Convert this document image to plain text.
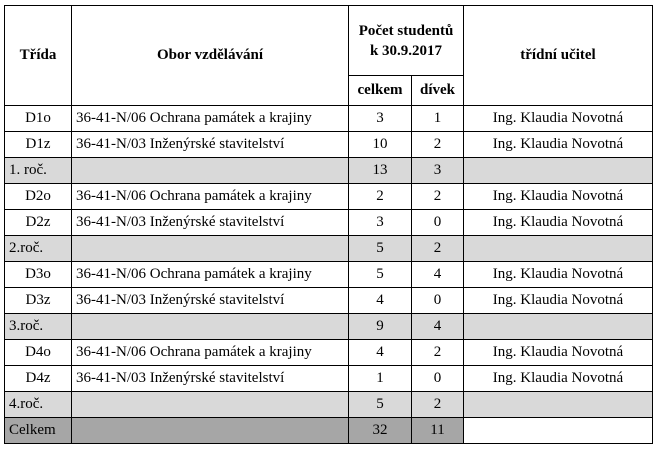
Třída	Obor vzdělávání	Počet studentů k 30.9.2017		třídní učitel
		celkem	dívek	
D1o	36-41-N/06 Ochrana památek a krajiny	3	1	Ing. Klaudia Novotná
D1z	36-41-N/03 Inženýrské stavitelství	10	2	Ing. Klaudia Novotná
1. roč.		13	3	
D2o	36-41-N/06 Ochrana památek a krajiny	2	2	Ing. Klaudia Novotná
D2z	36-41-N/03 Inženýrské stavitelství	3	0	Ing. Klaudia Novotná
2.roč.		5	2	
D3o	36-41-N/06 Ochrana památek a krajiny	5	4	Ing. Klaudia Novotná
D3z	36-41-N/03 Inženýrské stavitelství	4	0	Ing. Klaudia Novotná
3.roč.		9	4	
D4o	36-41-N/06 Ochrana památek a krajiny	4	2	Ing. Klaudia Novotná
D4z	36-41-N/03 Inženýrské stavitelství	1	0	Ing. Klaudia Novotná
4.roč.		5	2	
Celkem		32	11	
